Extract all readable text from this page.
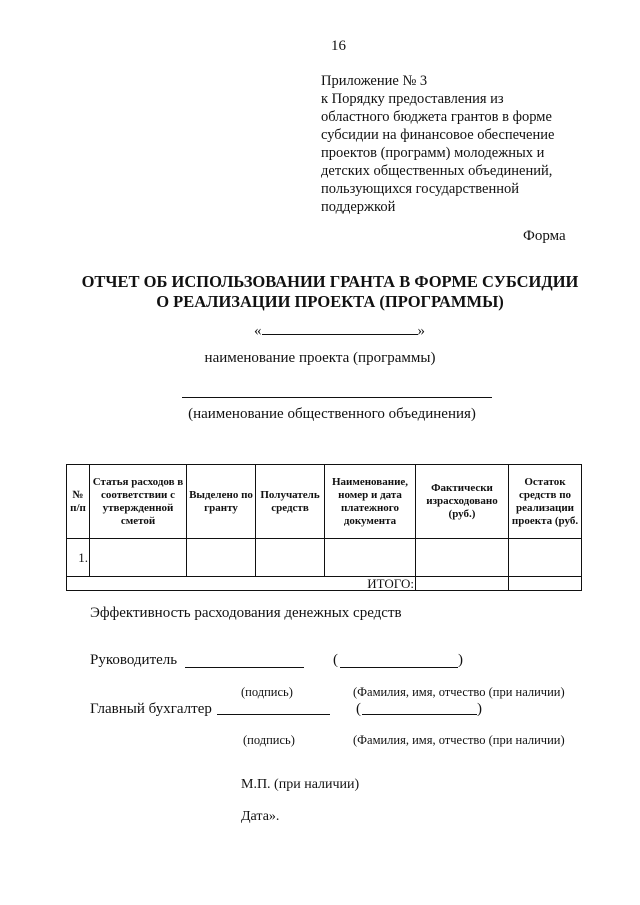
16
Приложение № 3
к Порядку предоставления из
областного бюджета грантов в форме
субсидии на финансовое обеспечение
проектов (программ) молодежных и
детских общественных объединений,
пользующихся государственной
поддержкой
Форма
ОТЧЕТ ОБ ИСПОЛЬЗОВАНИИ ГРАНТА В ФОРМЕ СУБСИДИИ
О РЕАЛИЗАЦИИ ПРОЕКТА (ПРОГРАММЫ)
«	»
наименование проекта (программы)
(наименование общественного объединения)
№ п/п	Статья расходов в соответствии с утвержденной сметой	Выделено по гранту	Получатель средств	Наименование, номер и дата платежного документа	Фактически израсходовано (руб.)	Остаток средств по реализации проекта (руб.
1.						
ИТОГО:						
Эффективность расходования денежных средств
Руководитель	(	)
(подпись)	(Фамилия, имя, отчество (при наличии)
Главный бухгалтер	(	)
(подпись)	(Фамилия, имя, отчество (при наличии)
М.П. (при наличии)
Дата».
